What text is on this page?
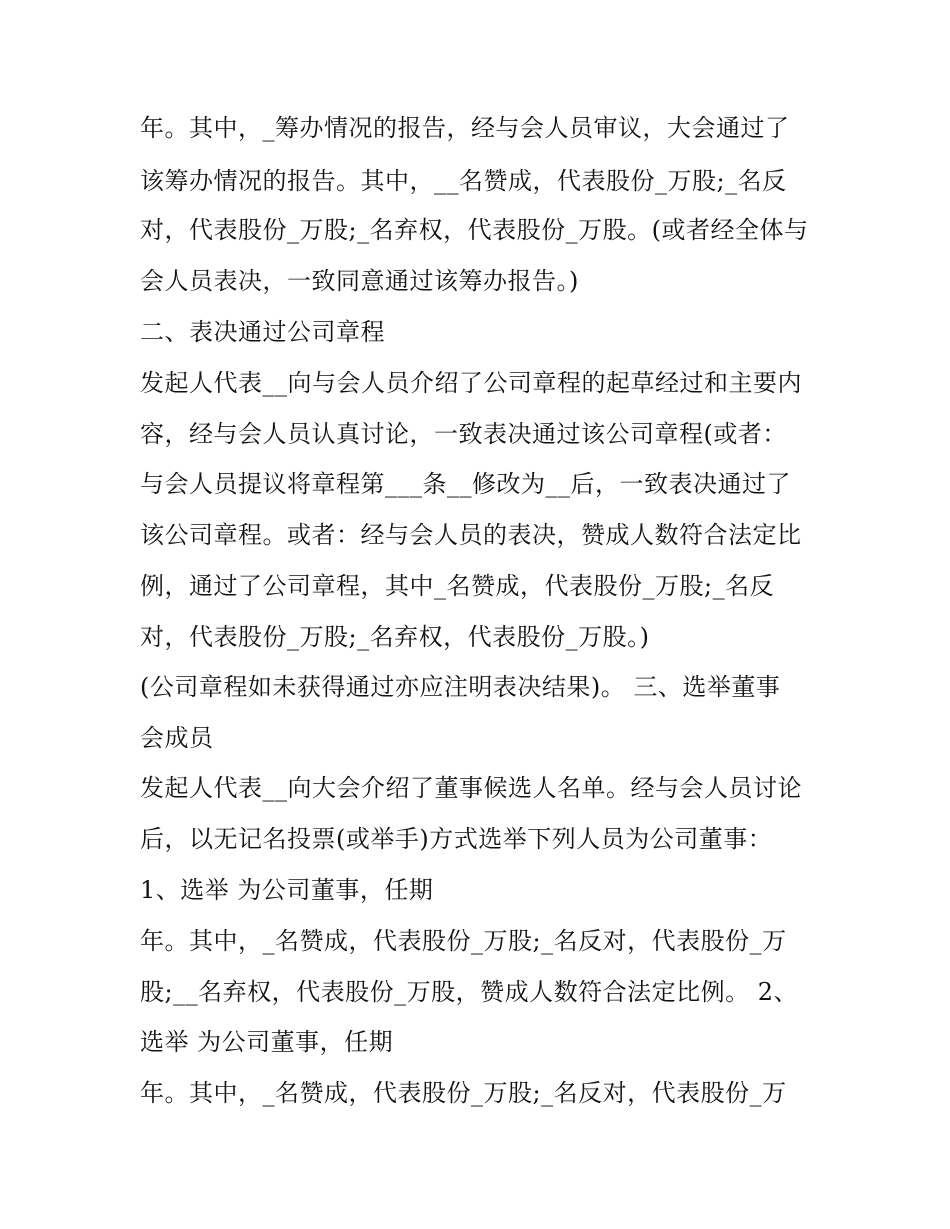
年。其中，_筹办情况的报告，经与会人员审议，大会通过了

该筹办情况的报告。其中，__名赞成，代表股份_万股;_名反

对，代表股份_万股;_名弃权，代表股份_万股。(或者经全体与

会人员表决，一致同意通过该筹办报告。)

二、表决通过公司章程

发起人代表__向与会人员介绍了公司章程的起草经过和主要内

容，经与会人员认真讨论，一致表决通过该公司章程(或者：

与会人员提议将章程第___条__修改为__后，一致表决通过了

该公司章程。或者：经与会人员的表决，赞成人数符合法定比

例，通过了公司章程，其中_名赞成，代表股份_万股;_名反

对，代表股份_万股;_名弃权，代表股份_万股。)

(公司章程如未获得通过亦应注明表决结果)。 三、选举董事

会成员

发起人代表__向大会介绍了董事候选人名单。经与会人员讨论

后，以无记名投票(或举手)方式选举下列人员为公司董事：

1、选举 为公司董事，任期

年。其中，_名赞成，代表股份_万股;_名反对，代表股份_万

股;__名弃权，代表股份_万股，赞成人数符合法定比例。 2、

选举 为公司董事，任期

年。其中，_名赞成，代表股份_万股;_名反对，代表股份_万
